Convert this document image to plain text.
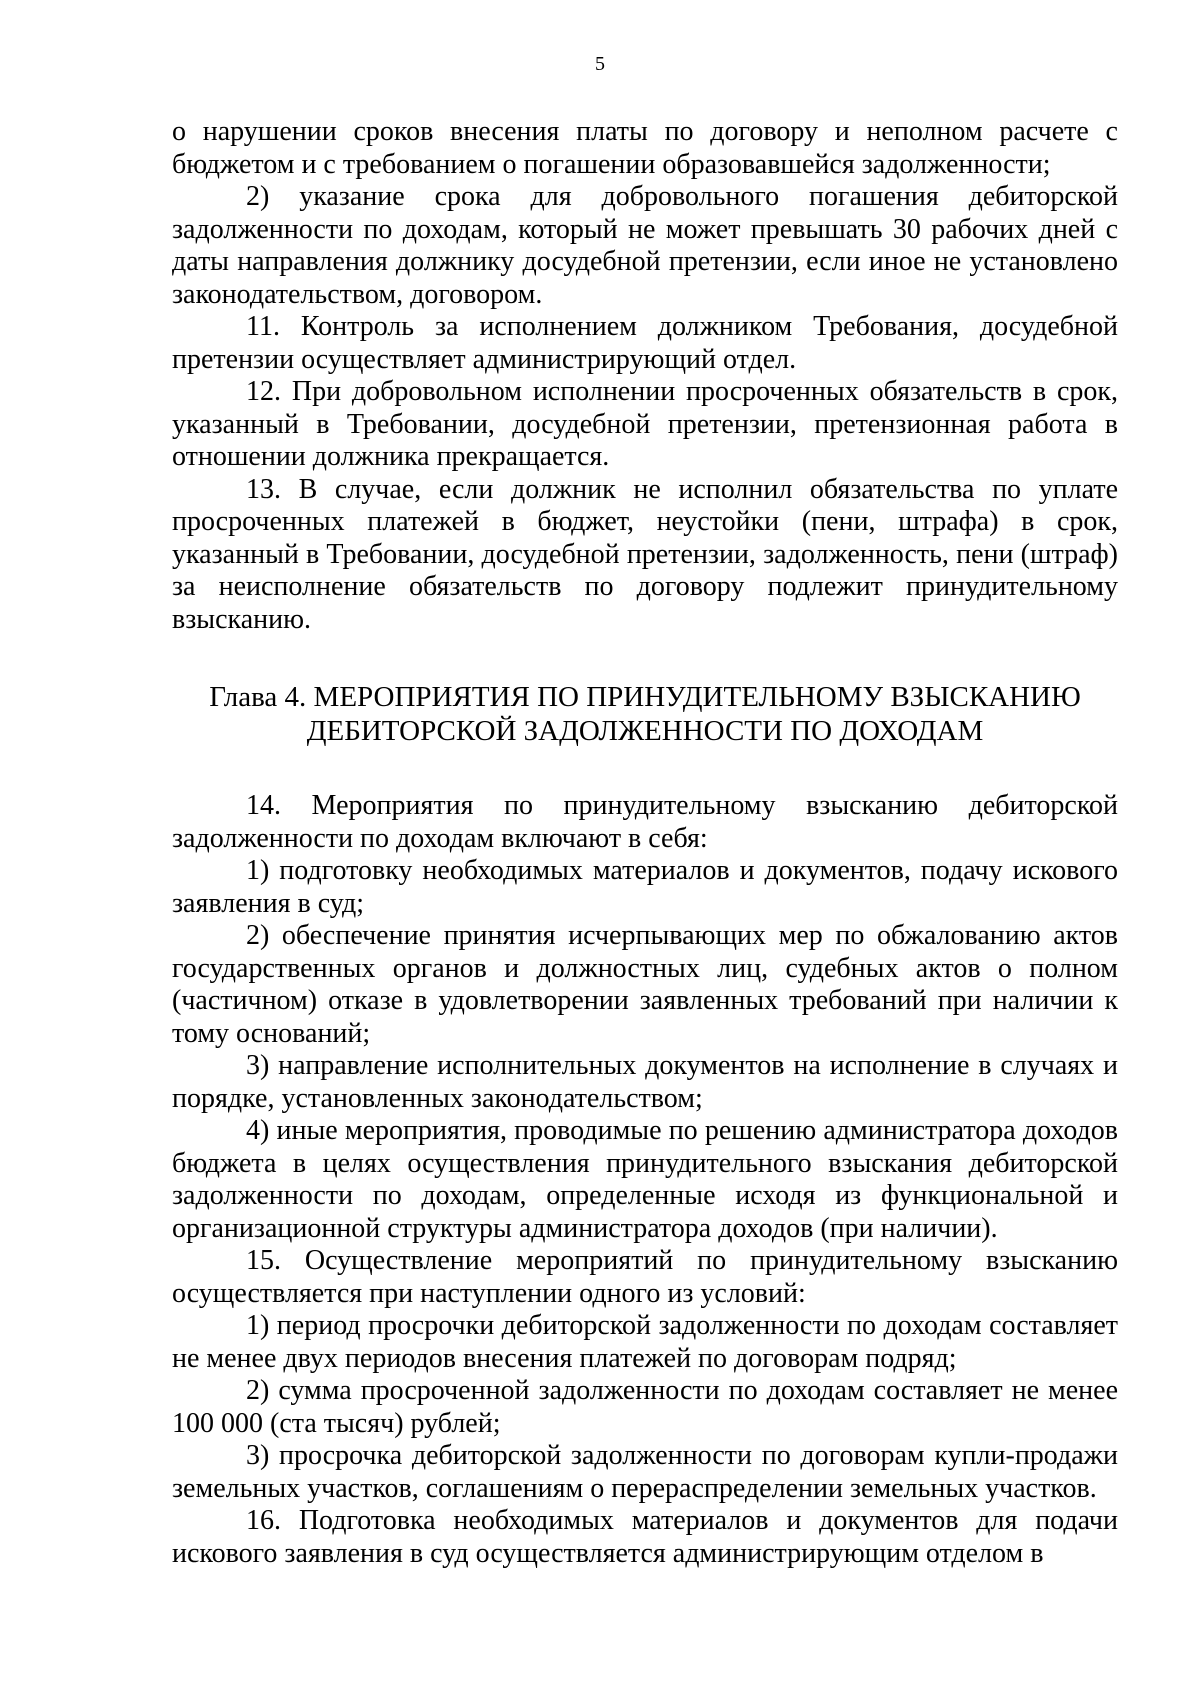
5

о нарушении сроков внесения платы по договору и неполном расчете с бюджетом и с требованием о погашении образовавшейся задолженности;

2) указание срока для добровольного погашения дебиторской задолженности по доходам, который не может превышать 30 рабочих дней с даты направления должнику досудебной претензии, если иное не установлено законодательством, договором.

11. Контроль за исполнением должником Требования, досудебной претензии осуществляет администрирующий отдел.

12. При добровольном исполнении просроченных обязательств в срок, указанный в Требовании, досудебной претензии, претензионная работа в отношении должника прекращается.

13. В случае, если должник не исполнил обязательства по уплате просроченных платежей в бюджет, неустойки (пени, штрафа) в срок, указанный в Требовании, досудебной претензии, задолженность, пени (штраф) за неисполнение обязательств по договору подлежит принудительному взысканию.

Глава 4. МЕРОПРИЯТИЯ ПО ПРИНУДИТЕЛЬНОМУ ВЗЫСКАНИЮ
ДЕБИТОРСКОЙ ЗАДОЛЖЕННОСТИ ПО ДОХОДАМ

14. Мероприятия по принудительному взысканию дебиторской задолженности по доходам включают в себя:

1) подготовку необходимых материалов и документов, подачу искового заявления в суд;

2) обеспечение принятия исчерпывающих мер по обжалованию актов государственных органов и должностных лиц, судебных актов о полном (частичном) отказе в удовлетворении заявленных требований при наличии к тому оснований;

3) направление исполнительных документов на исполнение в случаях и порядке, установленных законодательством;

4) иные мероприятия, проводимые по решению администратора доходов бюджета в целях осуществления принудительного взыскания дебиторской задолженности по доходам, определенные исходя из функциональной и организационной структуры администратора доходов (при наличии).

15. Осуществление мероприятий по принудительному взысканию осуществляется при наступлении одного из условий:

1) период просрочки дебиторской задолженности по доходам составляет не менее двух периодов внесения платежей по договорам подряд;

2) сумма просроченной задолженности по доходам составляет не менее 100 000 (ста тысяч) рублей;

3) просрочка дебиторской задолженности по договорам купли-продажи земельных участков, соглашениям о перераспределении земельных участков.

16. Подготовка необходимых материалов и документов для подачи искового заявления в суд осуществляется администрирующим отделом в
